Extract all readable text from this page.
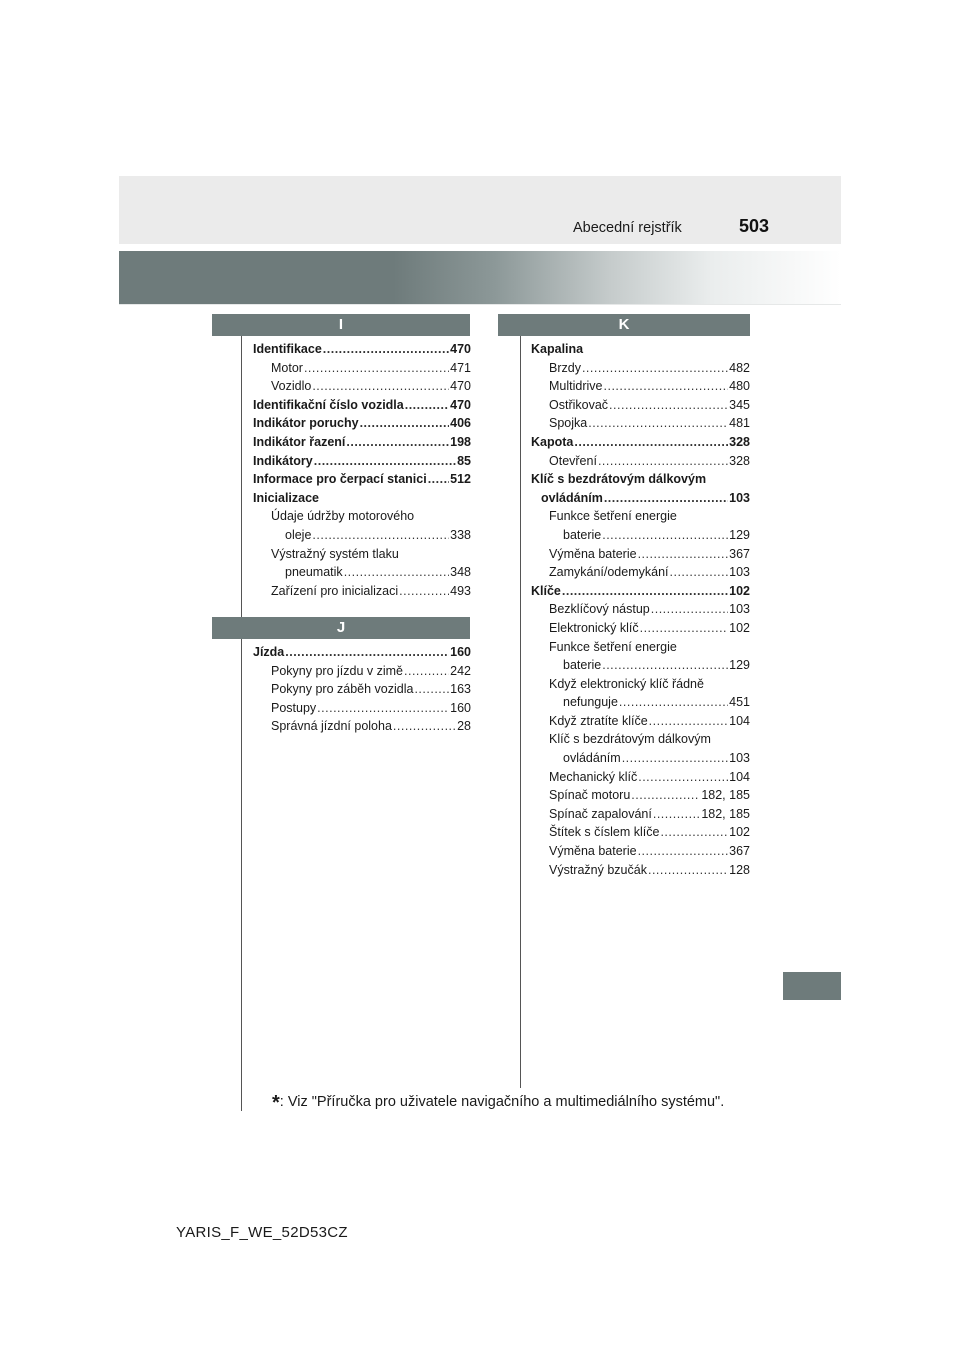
Abecední rejstřík	503
I
Identifikace .....	470
Motor .....	471
Vozidlo .....	470
Identifikační číslo vozidla .....	470
Indikátor poruchy .....	406
Indikátor řazení .....	198
Indikátory .....	85
Informace pro čerpací stanici ..... 512
Inicializace
Údaje údržby motorového
oleje .....	338
Výstražný systém tlaku
pneumatik .....	348
Zařízení pro inicializaci .....	493
J
Jízda .....	160
Pokyny pro jízdu v zimě .....	242
Pokyny pro záběh vozidla .....	163
Postupy .....	160
Správná jízdní poloha .....	28
K
Kapalina
Brzdy .....	482
Multidrive .....	480
Ostřikovač .....	345
Spojka .....	481
Kapota .....	328
Otevření .....	328
Klíč s bezdrátovým dálkovým
ovládáním .....	103
Funkce šetření energie
baterie .....	129
Výměna baterie .....	367
Zamykání/odemykání .....	103
Klíče .....	102
Bezklíčový nástup .....	103
Elektronický klíč .....	102
Funkce šetření energie
baterie .....	129
Když elektronický klíč řádně
nefunguje .....	451
Když ztratíte klíče .....	104
Klíč s bezdrátovým dálkovým
ovládáním .....	103
Mechanický klíč .....	104
Spínač motoru .....	182, 185
Spínač zapalování .....	182, 185
Štítek s číslem klíče .....	102
Výměna baterie .....	367
Výstražný bzučák .....	128
*: Viz "Příručka pro uživatele navigačního a multimediálního systému".
YARIS_F_WE_52D53CZ
